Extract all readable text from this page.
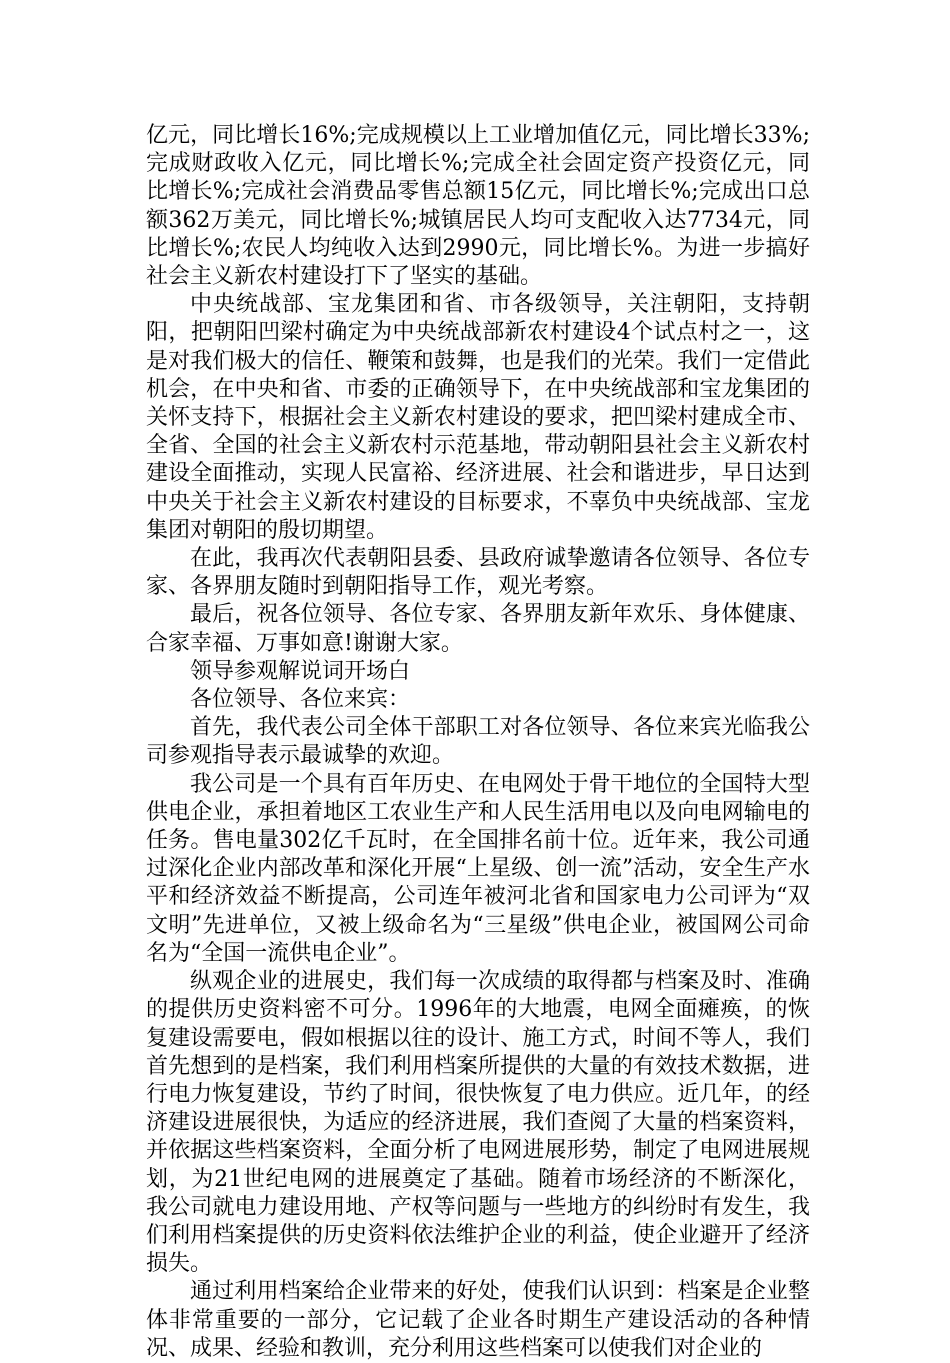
亿元，同比增长16%;完成规模以上工业增加值亿元，同比增长33%;完成财政收入亿元，同比增长%;完成全社会固定资产投资亿元，同比增长%;完成社会消费品零售总额15亿元，同比增长%;完成出口总额362万美元，同比增长%;城镇居民人均可支配收入达7734元，同比增长%;农民人均纯收入达到2990元，同比增长%。为进一步搞好社会主义新农村建设打下了坚实的基础。

中央统战部、宝龙集团和省、市各级领导，关注朝阳，支持朝阳，把朝阳凹梁村确定为中央统战部新农村建设4个试点村之一，这是对我们极大的信任、鞭策和鼓舞，也是我们的光荣。我们一定借此机会，在中央和省、市委的正确领导下，在中央统战部和宝龙集团的关怀支持下，根据社会主义新农村建设的要求，把凹梁村建成全市、全省、全国的社会主义新农村示范基地，带动朝阳县社会主义新农村建设全面推动，实现人民富裕、经济进展、社会和谐进步，早日达到中央关于社会主义新农村建设的目标要求，不辜负中央统战部、宝龙集团对朝阳的殷切期望。

在此，我再次代表朝阳县委、县政府诚挚邀请各位领导、各位专家、各界朋友随时到朝阳指导工作，观光考察。

最后，祝各位领导、各位专家、各界朋友新年欢乐、身体健康、合家幸福、万事如意!谢谢大家。

领导参观解说词开场白

各位领导、各位来宾：

首先，我代表公司全体干部职工对各位领导、各位来宾光临我公司参观指导表示最诚挚的欢迎。

我公司是一个具有百年历史、在电网处于骨干地位的全国特大型供电企业，承担着地区工农业生产和人民生活用电以及向电网输电的任务。售电量302亿千瓦时，在全国排名前十位。近年来，我公司通过深化企业内部改革和深化开展“上星级、创一流”活动，安全生产水平和经济效益不断提高，公司连年被河北省和国家电力公司评为“双文明”先进单位，又被上级命名为“三星级”供电企业，被国网公司命名为“全国一流供电企业”。

纵观企业的进展史，我们每一次成绩的取得都与档案及时、准确的提供历史资料密不可分。1996年的大地震，电网全面瘫痪，的恢复建设需要电，假如根据以往的设计、施工方式，时间不等人，我们首先想到的是档案，我们利用档案所提供的大量的有效技术数据，进行电力恢复建设，节约了时间，很快恢复了电力供应。近几年，的经济建设进展很快，为适应的经济进展，我们查阅了大量的档案资料，并依据这些档案资料，全面分析了电网进展形势，制定了电网进展规划，为21世纪电网的进展奠定了基础。随着市场经济的不断深化，我公司就电力建设用地、产权等问题与一些地方的纠纷时有发生，我们利用档案提供的历史资料依法维护企业的利益，使企业避开了经济损失。

通过利用档案给企业带来的好处，使我们认识到：档案是企业整体非常重要的一部分，它记载了企业各时期生产建设活动的各种情况、成果、经验和教训，充分利用这些档案可以使我们对企业的
